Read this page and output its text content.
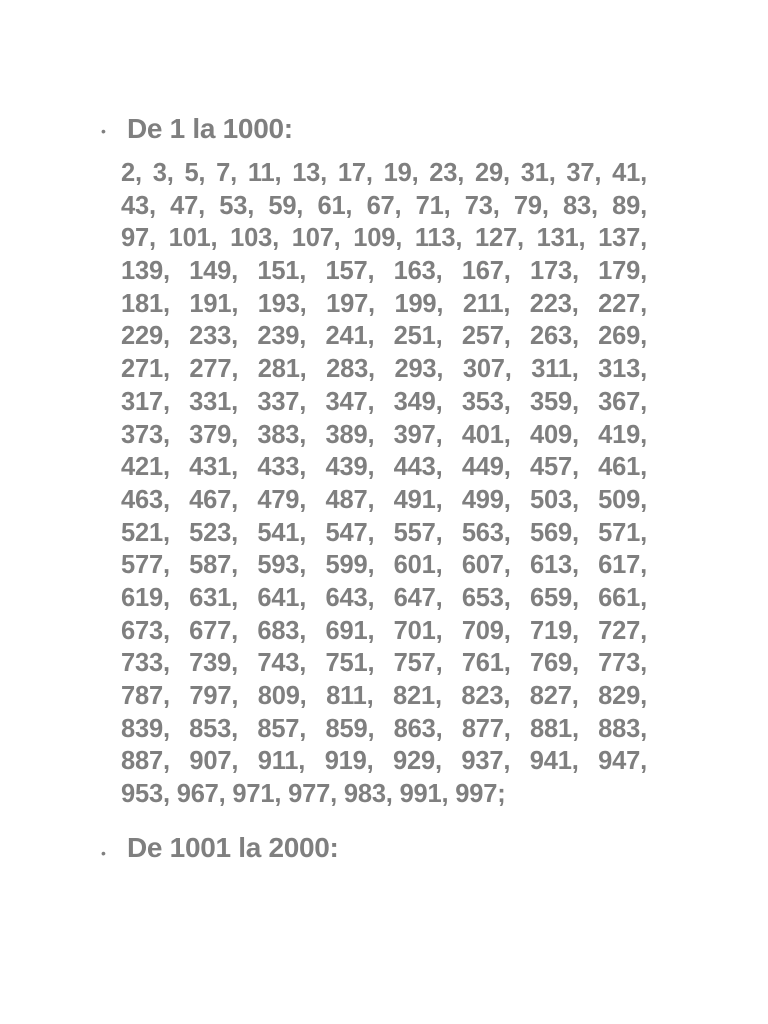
• De 1 la 1000:
2, 3, 5, 7, 11, 13, 17, 19, 23, 29, 31, 37, 41,
43, 47, 53, 59, 61, 67, 71, 73, 79, 83, 89,
97, 101, 103, 107, 109, 113, 127, 131, 137,
139, 149, 151, 157, 163, 167, 173, 179,
181, 191, 193, 197, 199, 211, 223, 227,
229, 233, 239, 241, 251, 257, 263, 269,
271, 277, 281, 283, 293, 307, 311, 313,
317, 331, 337, 347, 349, 353, 359, 367,
373, 379, 383, 389, 397, 401, 409, 419,
421, 431, 433, 439, 443, 449, 457, 461,
463, 467, 479, 487, 491, 499, 503, 509,
521, 523, 541, 547, 557, 563, 569, 571,
577, 587, 593, 599, 601, 607, 613, 617,
619, 631, 641, 643, 647, 653, 659, 661,
673, 677, 683, 691, 701, 709, 719, 727,
733, 739, 743, 751, 757, 761, 769, 773,
787, 797, 809, 811, 821, 823, 827, 829,
839, 853, 857, 859, 863, 877, 881, 883,
887, 907, 911, 919, 929, 937, 941, 947,
953, 967, 971, 977, 983, 991, 997;
• De 1001 la 2000:
